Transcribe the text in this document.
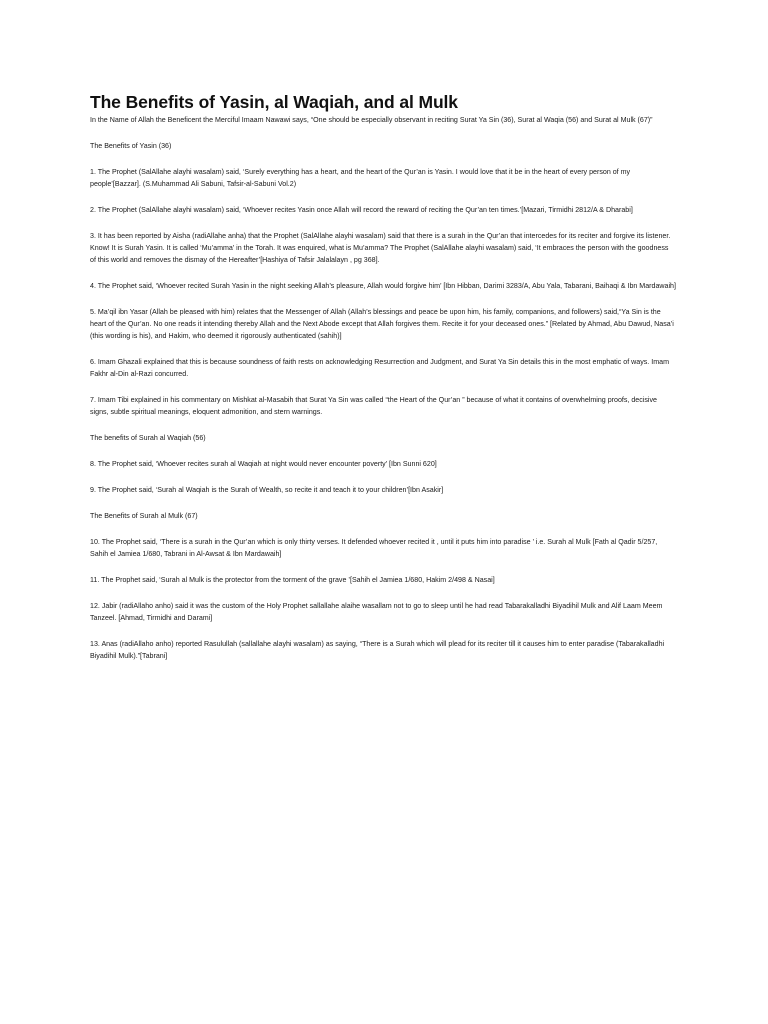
The Benefits of Yasin, al Waqiah, and al Mulk

In the Name of Allah the Beneficent the Merciful Imaam Nawawi says, “One should be especially observant in reciting Surat Ya Sin (36), Surat al Waqia (56) and Surat al Mulk (67)”

The Benefits of Yasin (36)

1. The Prophet (SalAllahe alayhi wasalam) said, ‘Surely everything has a heart, and the heart of the Qur’an is Yasin. I would love that it be in the heart of every person of my people’[Bazzar]. (S.Muhammad Ali Sabuni, Tafsir-al-Sabuni Vol.2)

2. The Prophet (SalAllahe alayhi wasalam) said, ‘Whoever recites Yasin once Allah will record the reward of reciting the Qur’an ten times.’[Mazari, Tirmidhi 2812/A & Dharabi]

3. It has been reported by Aisha (radiAllahe anha) that the Prophet (SalAllahe alayhi wasalam) said that there is a surah in the Qur’an that intercedes for its reciter and forgive its listener. Know! It is Surah Yasin. It is called ‘Mu’amma’ in the Torah. It was enquired, what is Mu’amma? The Prophet (SalAllahe alayhi wasalam) said, ‘It embraces the person with the goodness of this world and removes the dismay of the Hereafter’[Hashiya of Tafsir Jalalalayn , pg 368].

4. The Prophet said, ‘Whoever recited Surah Yasin in the night seeking Allah’s pleasure, Allah would forgive him’ [Ibn Hibban, Darimi 3283/A, Abu Yala, Tabarani, Baihaqi & Ibn Mardawaih]

5. Ma’qil ibn Yasar (Allah be pleased with him) relates that the Messenger of Allah (Allah’s blessings and peace be upon him, his family, companions, and followers) said,“Ya Sin is the heart of the Qur’an. No one reads it intending thereby Allah and the Next Abode except that Allah forgives them. Recite it for your deceased ones.” [Related by Ahmad, Abu Dawud, Nasa’i (this wording is his), and Hakim, who deemed it rigorously authenticated (sahih)]

6. Imam Ghazali explained that this is because soundness of faith rests on acknowledging Resurrection and Judgment, and Surat Ya Sin details this in the most emphatic of ways. Imam Fakhr al-Din al-Razi concurred.

7. Imam Tibi explained in his commentary on Mishkat al-Masabih that Surat Ya Sin was called “the Heart of the Qur’an ” because of what it contains of overwhelming proofs, decisive signs, subtle spiritual meanings, eloquent admonition, and stern warnings.

The benefits of Surah al Waqiah (56)

8. The Prophet said, ‘Whoever recites surah al Waqiah at night would never encounter poverty’ [Ibn Sunni 620]

9. The Prophet said, ‘Surah al Waqiah is the Surah of Wealth, so recite it and teach it to your children’[Ibn Asakir]

The Benefits of Surah al Mulk (67)

10. The Prophet said, ‘There is a surah in the Qur’an which is only thirty verses. It defended whoever recited it , until it puts him into paradise ’ i.e. Surah al Mulk [Fath al Qadir 5/257, Sahih el Jamiea 1/680, Tabrani in Al-Awsat & Ibn Mardawaih]

11. The Prophet said, ‘Surah al Mulk is the protector from the torment of the grave ’[Sahih el Jamiea 1/680, Hakim 2/498 & Nasai]

12. Jabir (radiAllaho anho) said it was the custom of the Holy Prophet sallallahe alaihe wasallam not to go to sleep until he had read Tabarakalladhi Biyadihil Mulk and Alif Laam Meem Tanzeel. [Ahmad, Tirmidhi and Darami]

13. Anas (radiAllaho anho) reported Rasulullah (sallallahe alayhi wasalam) as saying, “There is a Surah which will plead for its reciter till it causes him to enter paradise (Tabarakalladhi Biyadihil Mulk).”[Tabrani]
